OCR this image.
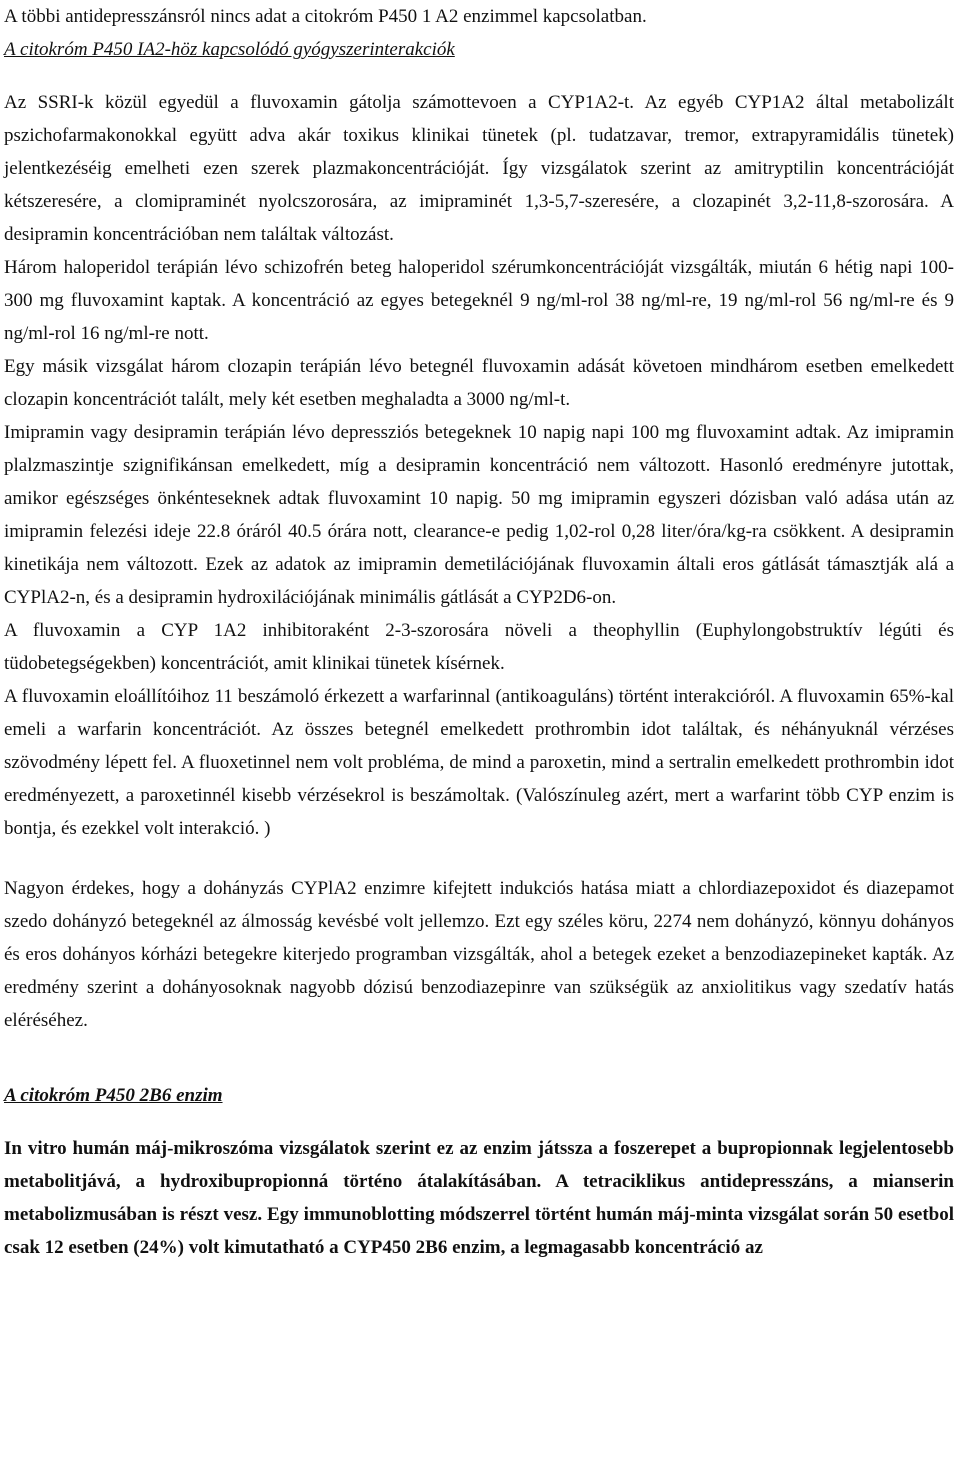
A többi antidepresszánsról nincs adat a citokróm P450 1 A2 enzimmel kapcsolatban.

A citokróm P450 IA2-höz kapcsolódó gyógyszerinterakciók

Az SSRI-k közül egyedül a fluvoxamin gátolja számottevoen a CYP1A2-t. Az egyéb CYP1A2 által metabolizált pszichofarmakonokkal együtt adva akár toxikus klinikai tünetek (pl. tudatzavar, tremor, extrapyramidális tünetek) jelentkezéséig emelheti ezen szerek plazmakoncentrációját. Így vizsgálatok szerint az amitryptilin koncentrációját kétszeresére, a clomipraminét nyolcszorosára, az imipraminét 1,3-5,7-szeresére, a clozapinét 3,2-11,8-szorosára. A desipramin koncentrációban nem találtak változást.

Három haloperidol terápián lévo schizofrén beteg haloperidol szérumkoncentrációját vizsgálták, miután 6 hétig napi 100-300 mg fluvoxamint kaptak. A koncentráció az egyes betegeknél 9 ng/ml-rol 38 ng/ml-re, 19 ng/ml-rol 56 ng/ml-re és 9 ng/ml-rol 16 ng/ml-re nott.

Egy másik vizsgálat három clozapin terápián lévo betegnél fluvoxamin adását követoen mindhárom esetben emelkedett clozapin koncentrációt talált, mely két esetben meghaladta a 3000 ng/ml-t.

Imipramin vagy desipramin terápián lévo depressziós betegeknek 10 napig napi 100 mg fluvoxamint adtak. Az imipramin plalzmaszintje szignifikánsan emelkedett, míg a desipramin koncentráció nem változott. Hasonló eredményre jutottak, amikor egészséges önkénteseknek adtak fluvoxamint 10 napig. 50 mg imipramin egyszeri dózisban való adása után az imipramin felezési ideje 22.8 óráról 40.5 órára nott, clearance-e pedig 1,02-rol 0,28 liter/óra/kg-ra csökkent. A desipramin kinetikája nem változott. Ezek az adatok az imipramin demetilációjának fluvoxamin általi eros gátlását támasztják alá a CYPlA2-n, és a desipramin hydroxilációjának minimális gátlását a CYP2D6-on.

A fluvoxamin a CYP 1A2 inhibitoraként 2-3-szorosára növeli a theophyllin (Euphylongobstruktív légúti és tüdobetegségekben) koncentrációt, amit klinikai tünetek kísérnek.

A fluvoxamin eloállítóihoz 11 beszámoló érkezett a warfarinnal (antikoaguláns) történt interakcióról. A fluvoxamin 65%-kal emeli a warfarin koncentrációt. Az összes betegnél emelkedett prothrombin idot találtak, és néhányuknál vérzéses szövodmény lépett fel. A fluoxetinnel nem volt probléma, de mind a paroxetin, mind a sertralin emelkedett prothrombin idot eredményezett, a paroxetinnél kisebb vérzésekrol is beszámoltak. (Valószínuleg azért, mert a warfarint több CYP enzim is bontja, és ezekkel volt interakció. )

Nagyon érdekes, hogy a dohányzás CYPlA2 enzimre kifejtett indukciós hatása miatt a chlordiazepoxidot és diazepamot szedo dohányzó betegeknél az álmosság kevésbé volt jellemzo. Ezt egy széles köru, 2274 nem dohányzó, könnyu dohányos és eros dohányos kórházi betegekre kiterjedo programban vizsgálták, ahol a betegek ezeket a benzodiazepineket kapták. Az eredmény szerint a dohányosoknak nagyobb dózisú benzodiazepinre van szükségük az anxiolitikus vagy szedatív hatás eléréséhez.

A citokróm P450 2B6 enzim

In vitro humán máj-mikroszóma vizsgálatok szerint ez az enzim játssza a foszerepet a bupropionnak legjelentosebb metabolitjává, a hydroxibupropionná történo átalakításában. A tetraciklikus antidepresszáns, a mianserin metabolizmusában is részt vesz. Egy immunoblotting módszerrel történt humán máj-minta vizsgálat során 50 esetbol csak 12 esetben (24%) volt kimutatható a CYP450 2B6 enzim, a legmagasabb koncentráció az
